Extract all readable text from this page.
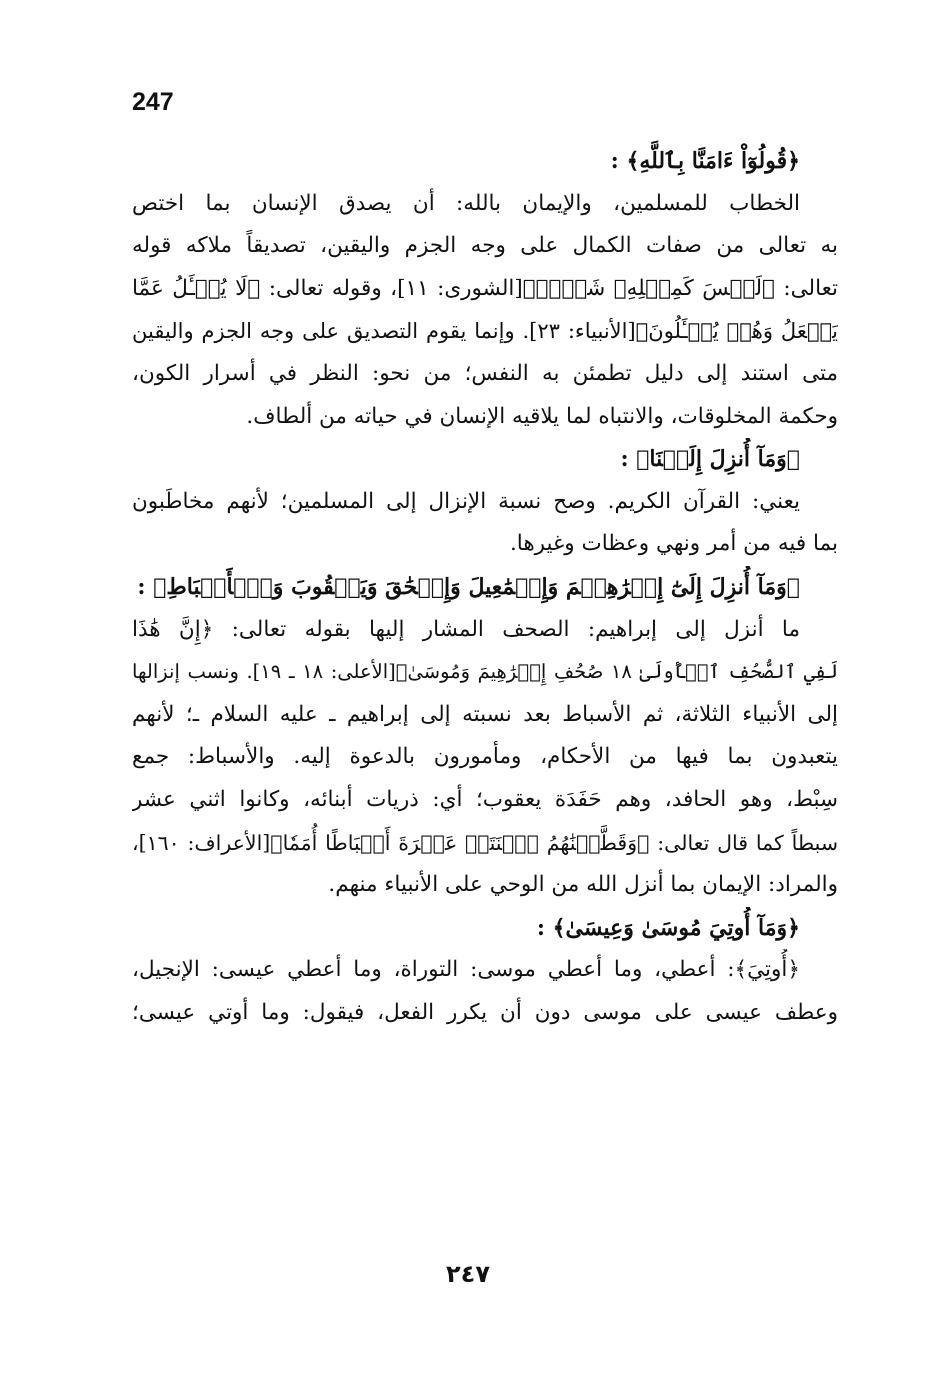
247
﴿قُولُوٓاْ ءَامَنَّا بِٱللَّهِ﴾ :
الخطاب للمسلمين، والإيمان بالله: أن يصدق الإنسان بما اختص
به تعالى من صفات الكمال على وجه الجزم واليقين، تصديقاً ملاكه قوله
تعالى: ﴿لَيۡسَ كَمِثۡلِهِۦ شَيۡءٞ﴾[الشورى: ١١]، وقوله تعالى: ﴿لَا يُسۡـَٔلُ عَمَّا
يَفۡعَلُ وَهُمۡ يُسۡـَٔلُونَ﴾[الأنبياء: ٢٣]. وإنما يقوم التصديق على وجه الجزم واليقين
متى استند إلى دليل تطمئن به النفس؛ من نحو: النظر في أسرار الكون،
وحكمة المخلوقات، والانتباه لما يلاقيه الإنسان في حياته من ألطاف.
﴿وَمَآ أُنزِلَ إِلَيۡنَا﴾ :
يعني: القرآن الكريم. وصح نسبة الإنزال إلى المسلمين؛ لأنهم مخاطَبون
بما فيه من أمر ونهي وعظات وغيرها.
﴿وَمَآ أُنزِلَ إِلَىٰٓ إِبۡرَٰهِـۧمَ وَإِسۡمَٰعِيلَ وَإِسۡحَٰقَ وَيَعۡقُوبَ وَٱلۡأَسۡبَاطِ﴾ :
ما أنزل إلى إبراهيم: الصحف المشار إليها بقوله تعالى: ﴿إِنَّ هَٰذَا
لَفِي ٱلصُّحُفِ ٱلۡأُولَىٰ ١٨ صُحُفِ إِبۡرَٰهِيمَ وَمُوسَىٰ﴾[الأعلى: ١٨ ـ ١٩]. ونسب إنزالها
إلى الأنبياء الثلاثة، ثم الأسباط بعد نسبته إلى إبراهيم ـ عليه السلام ـ؛ لأنهم
يتعبدون بما فيها من الأحكام، ومأمورون بالدعوة إليه. والأسباط: جمع
سِبْط، وهو الحافد، وهم حَفَدَة يعقوب؛ أي: ذريات أبنائه، وكانوا اثني عشر
سبطاً كما قال تعالى: ﴿وَقَطَّعۡنَٰهُمُ ٱثۡنَتَيۡ عَشۡرَةَ أَسۡبَاطًا أُمَمٗا﴾[الأعراف: ١٦٠]،
والمراد: الإيمان بما أنزل الله من الوحي على الأنبياء منهم.
﴿وَمَآ أُوتِيَ مُوسَىٰ وَعِيسَىٰ﴾ :
﴿أُوتِيَ﴾: أعطي، وما أعطي موسى: التوراة، وما أعطي عيسى: الإنجيل،
وعطف عيسى على موسى دون أن يكرر الفعل، فيقول: وما أوتي عيسى؛
٢٤٧
